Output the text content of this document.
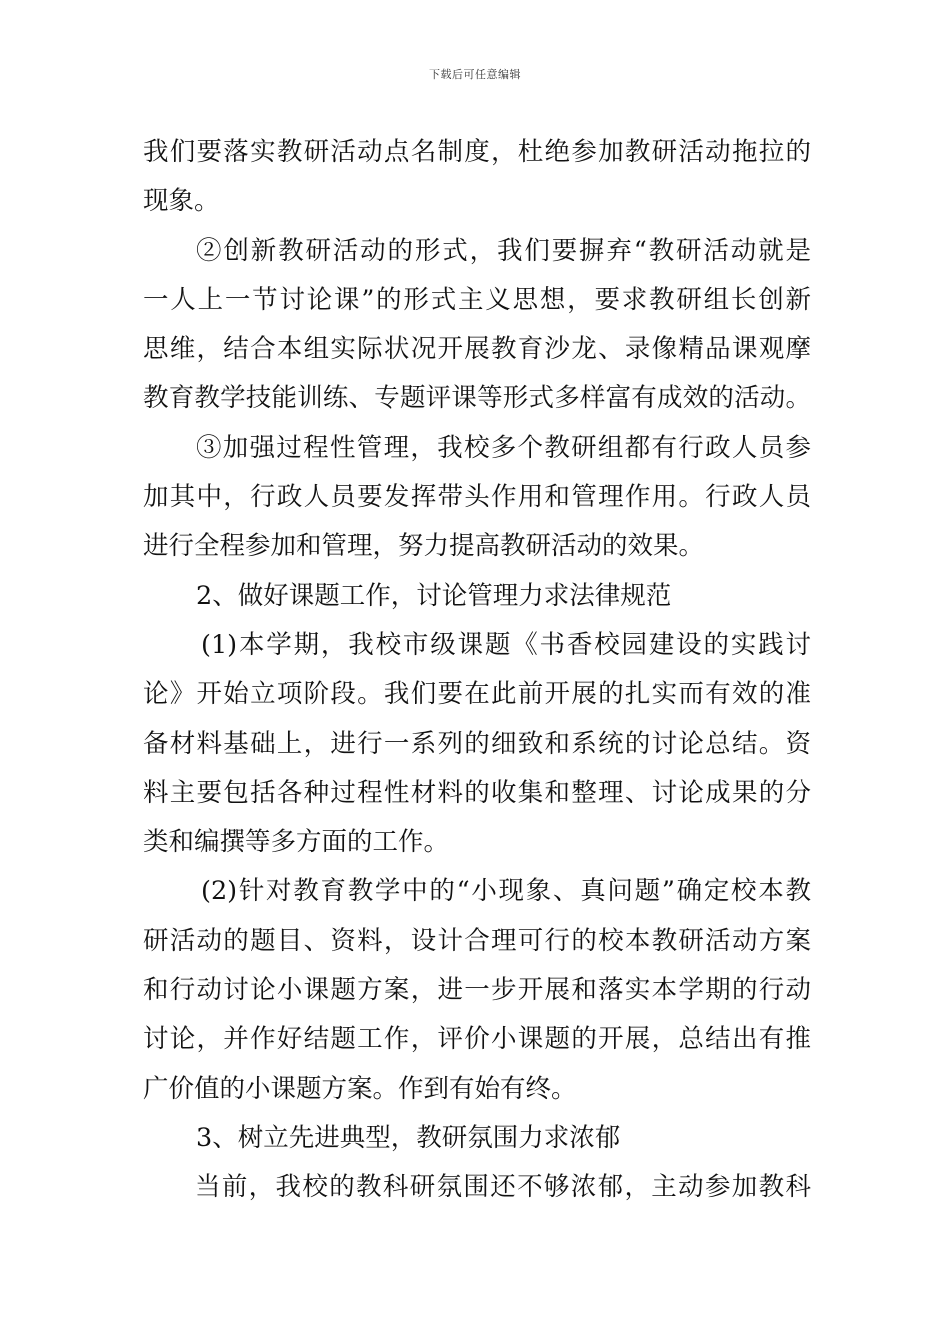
下载后可任意编辑
我们要落实教研活动点名制度，杜绝参加教研活动拖拉的
现象。
②创新教研活动的形式，我们要摒弃“教研活动就是
一人上一节讨论课”的形式主义思想，要求教研组长创新
思维，结合本组实际状况开展教育沙龙、录像精品课观摩
教育教学技能训练、专题评课等形式多样富有成效的活动。
③加强过程性管理，我校多个教研组都有行政人员参
加其中，行政人员要发挥带头作用和管理作用。行政人员
进行全程参加和管理，努力提高教研活动的效果。
2、做好课题工作，讨论管理力求法律规范
(1)本学期，我校市级课题《书香校园建设的实践讨
论》开始立项阶段。我们要在此前开展的扎实而有效的准
备材料基础上，进行一系列的细致和系统的讨论总结。资
料主要包括各种过程性材料的收集和整理、讨论成果的分
类和编撰等多方面的工作。
(2)针对教育教学中的“小现象、真问题”确定校本教
研活动的题目、资料，设计合理可行的校本教研活动方案
和行动讨论小课题方案，进一步开展和落实本学期的行动
讨论，并作好结题工作，评价小课题的开展，总结出有推
广价值的小课题方案。作到有始有终。
3、树立先进典型，教研氛围力求浓郁
当前，我校的教科研氛围还不够浓郁，主动参加教科
